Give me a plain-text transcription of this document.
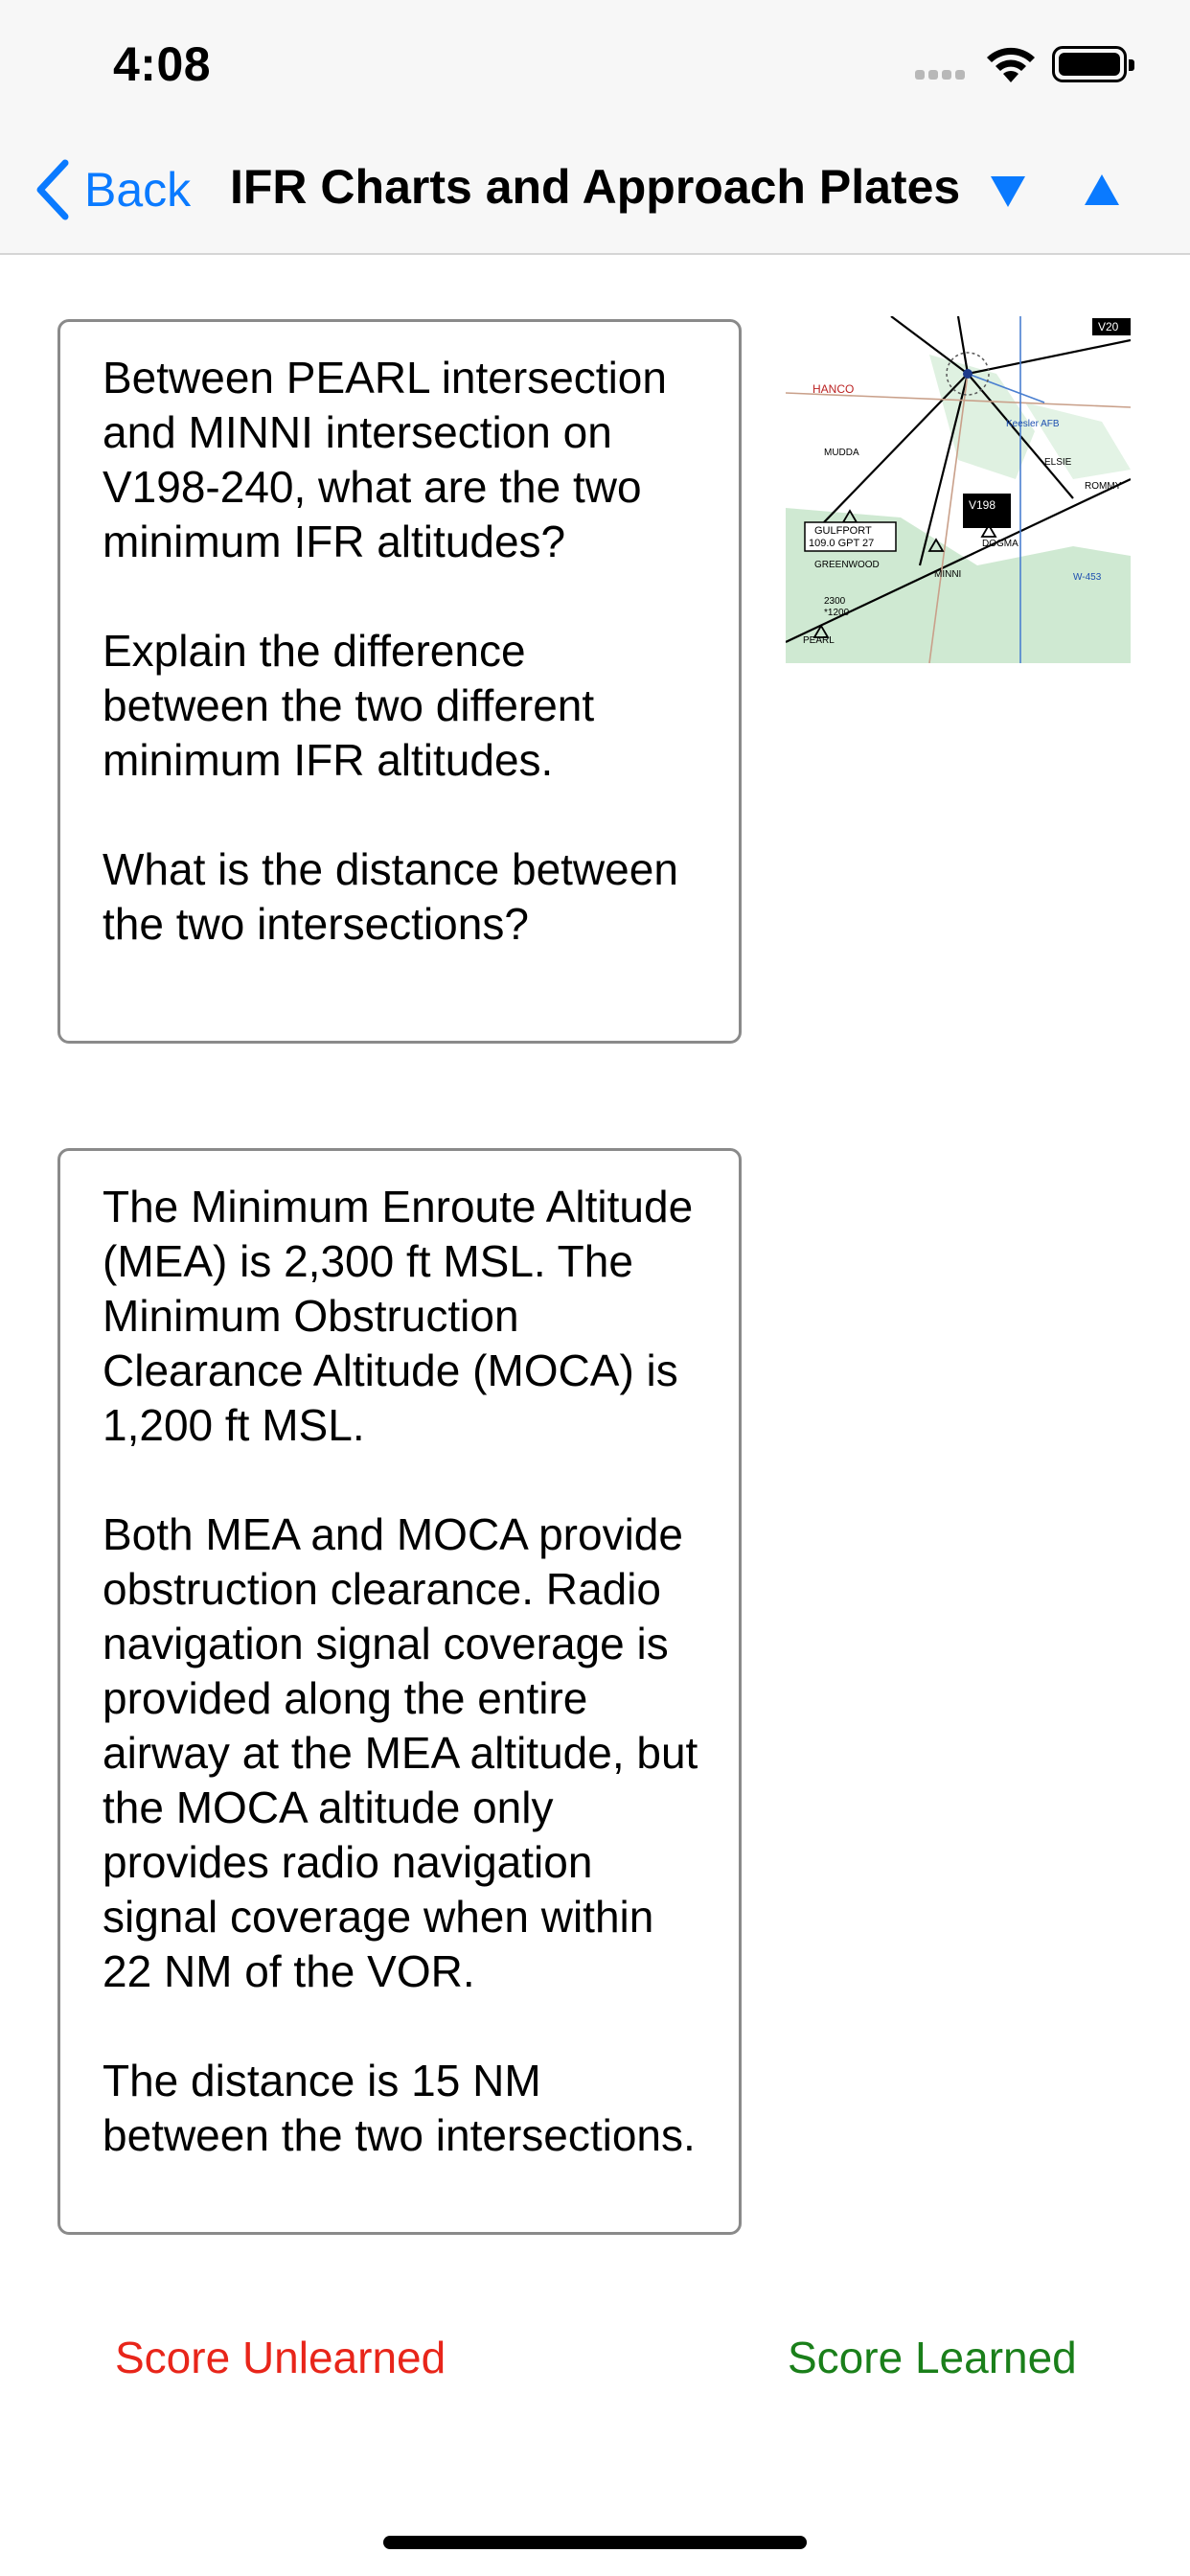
4:08
Back IFR Charts and Approach Plates

Between PEARL intersection and MINNI intersection on V198-240, what are the two minimum IFR altitudes?

Explain the difference between the two different minimum IFR altitudes.

What is the distance between the two intersections?

V198
V20
GULFPORT
109.0 GPT 27
GREENWOOD
PEARL
MINNI
DOGMA
HANCO
MUDDA
2300
*1200
Keesler AFB
W-453
ROMMY
ELSIE

The Minimum Enroute Altitude (MEA) is 2,300 ft MSL. The Minimum Obstruction Clearance Altitude (MOCA) is 1,200 ft MSL.

Both MEA and MOCA provide obstruction clearance. Radio navigation signal coverage is provided along the entire airway at the MEA altitude, but the MOCA altitude only provides radio navigation signal coverage when within 22 NM of the VOR.

The distance is 15 NM between the two intersections.

Score Unlearned	Score Learned
